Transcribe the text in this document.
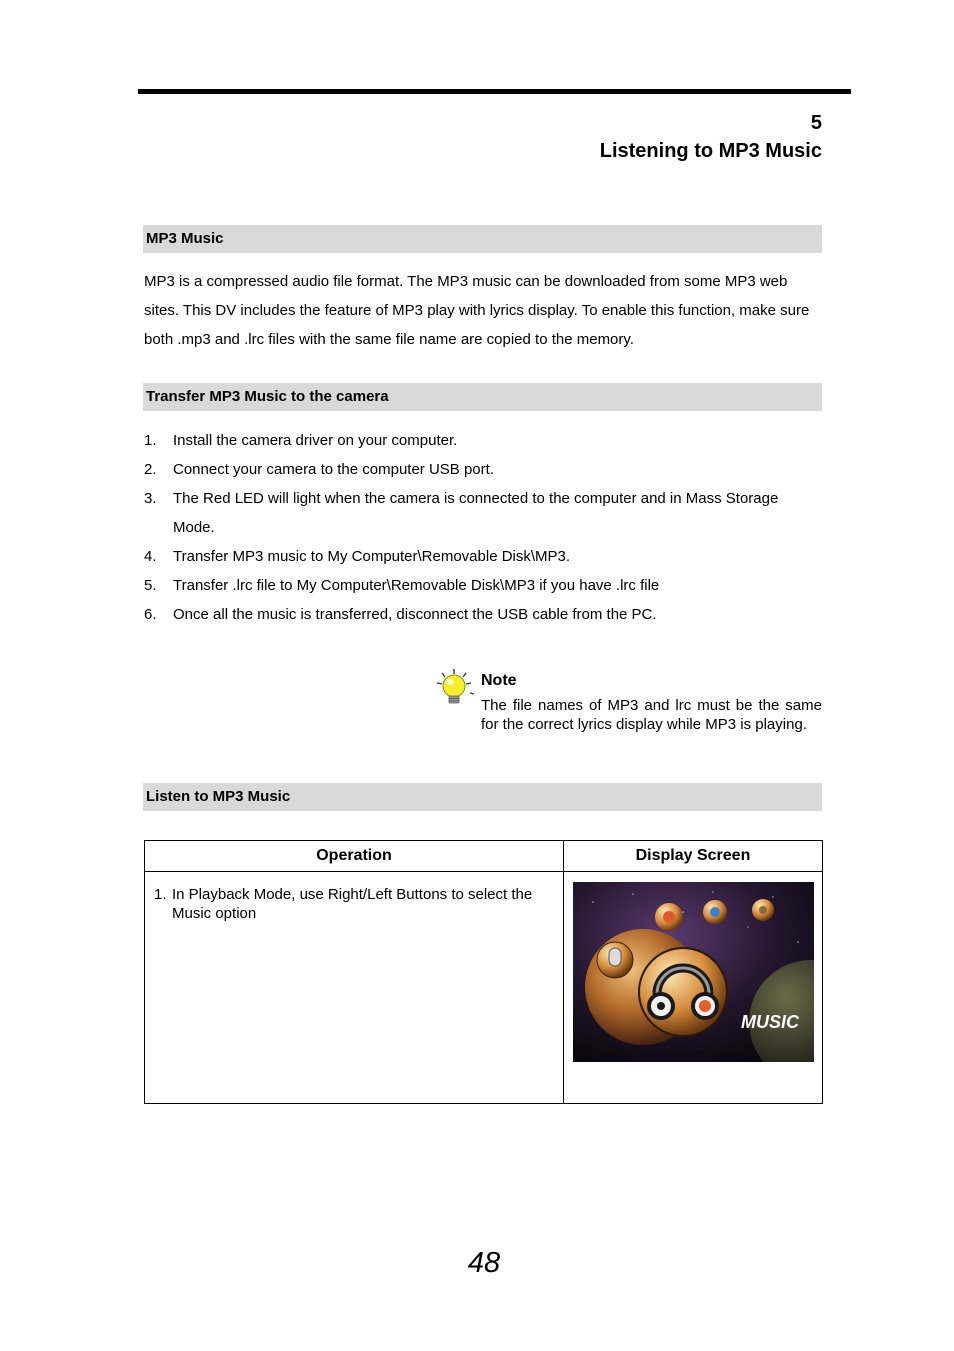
5
Listening to MP3 Music
MP3 Music

MP3 is a compressed audio file format. The MP3 music can be downloaded from some MP3 web sites. This DV includes the feature of MP3 play with lyrics display. To enable this function, make sure both .mp3 and .lrc files with the same file name are copied to the memory.

Transfer MP3 Music to the camera
1.	Install the camera driver on your computer.
2.	Connect your camera to the computer USB port.
3.	The Red LED will light when the camera is connected to the computer and in Mass Storage Mode.
4.	Transfer MP3 music to My Computer\Removable Disk\MP3.
5.	Transfer .lrc file to My Computer\Removable Disk\MP3 if you have .lrc file
6.	Once all the music is transferred, disconnect the USB cable from the PC.
Note

The file names of MP3 and lrc must be the same for the correct lyrics display while MP3 is playing.

Listen to MP3 Music
Operation	Display Screen

1. In Playback Mode, use Right/Left Buttons to select the Music option	MUSIC
48
